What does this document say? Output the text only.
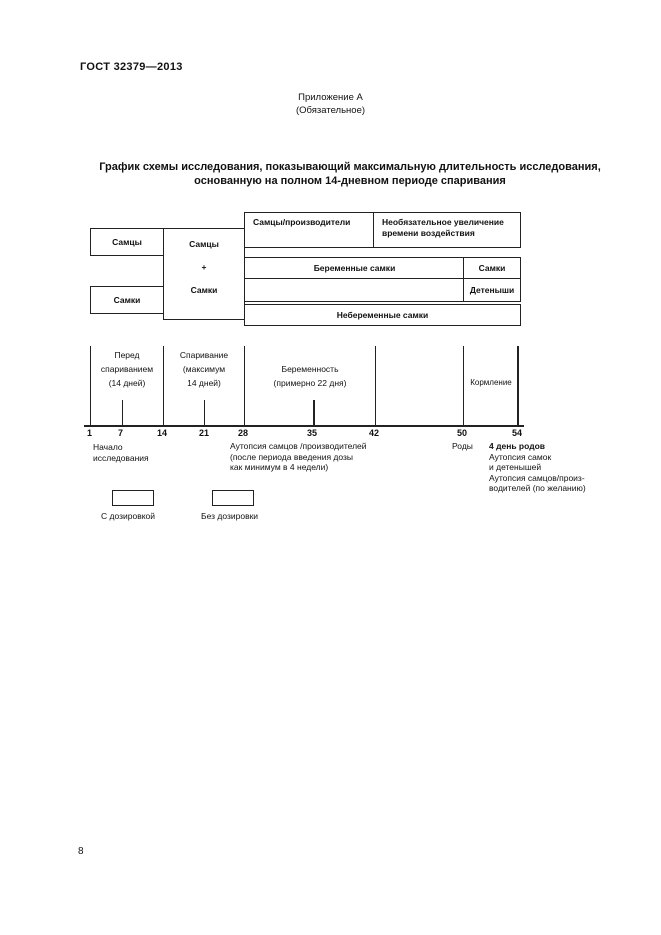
ГОСТ 32379—2013
Приложение А
(Обязательное)
График схемы исследования, показывающий максимальную длительность исследования,
основанную на полном 14-дневном периоде спаривания
Самцы
Самки
Самцы
+
Самки
Самцы/производители	Необязательное увеличение времени воздействия
Беременные самки	Самки
Детеныши
Небеременные самки
Перед
спариванием
(14 дней)
Спаривание
(максимум
14 дней)
Беременность
(примерно 22 дня)	Кормление
1	7	14	21	28	35	42	50	54
Начало
исследования
Аутопсия самцов /производителей
(после периода введения дозы
как минимум в 4 недели)
Роды 4 день родов
Аутопсия самок
и детенышей
Аутопсия самцов/произ-
водителей (по желанию)
С дозировкой	Без дозировки
8
